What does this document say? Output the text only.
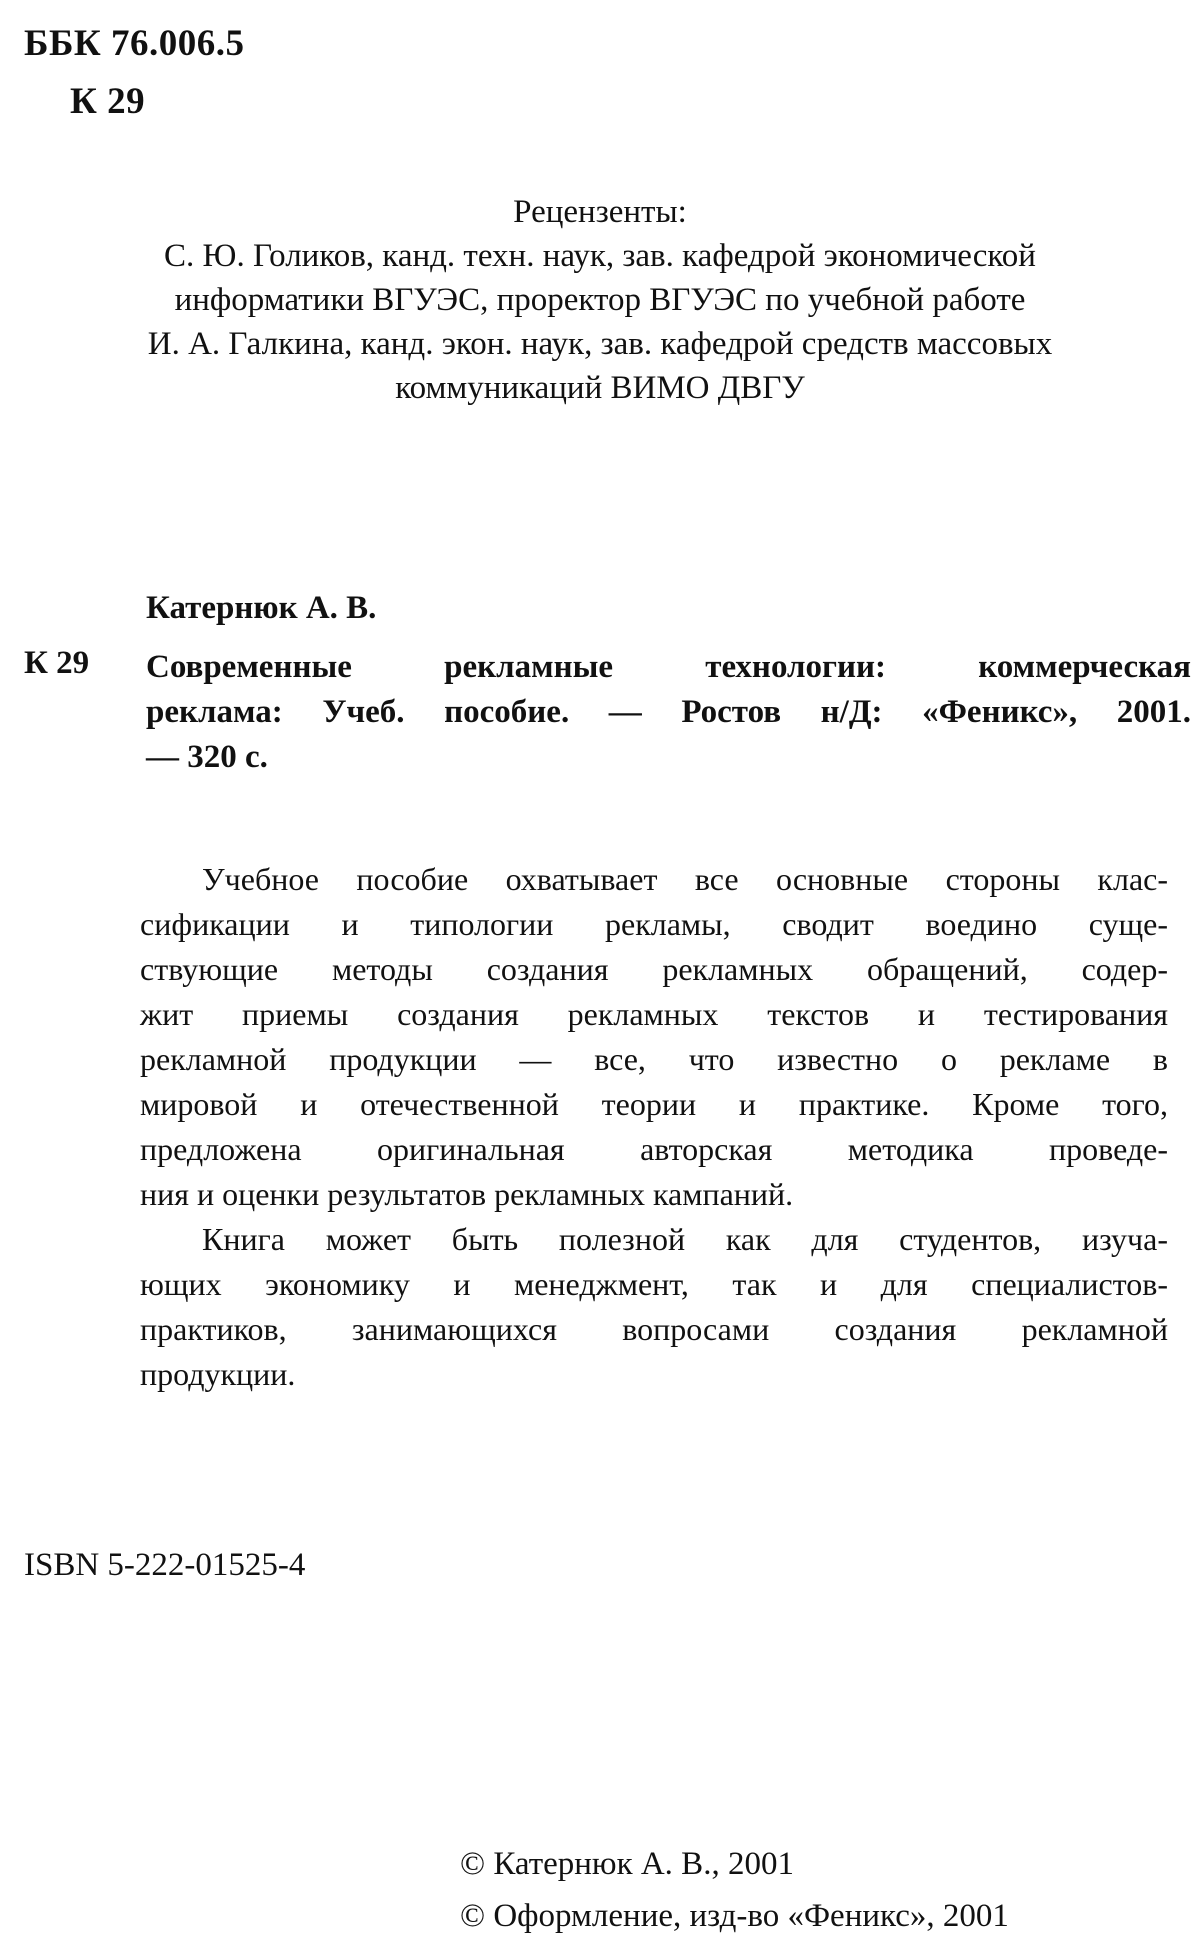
ББК 76.006.5
К 29
Рецензенты:
С. Ю. Голиков, канд. техн. наук, зав. кафедрой экономической
информатики ВГУЭС, проректор ВГУЭС по учебной работе
И. А. Галкина, канд. экон. наук, зав. кафедрой средств массовых
коммуникаций ВИМО ДВГУ
Катернюк А. В.
К 29 Современные рекламные технологии: коммерческая
реклама: Учеб. пособие. — Ростов н/Д: «Феникс», 2001.
— 320 с.
Учебное пособие охватывает все основные стороны клас-
сификации и типологии рекламы, сводит воедино суще-
ствующие методы создания рекламных обращений, содер-
жит приемы создания рекламных текстов и тестирования
рекламной продукции — все, что известно о рекламе в
мировой и отечественной теории и практике. Кроме того,
предложена оригинальная авторская методика проведе-
ния и оценки результатов рекламных кампаний.
Книга может быть полезной как для студентов, изуча-
ющих экономику и менеджмент, так и для специалистов-
практиков, занимающихся вопросами создания рекламной
продукции.
ISBN 5-222-01525-4
© Катернюк А. В., 2001
© Оформление, изд-во «Феникс», 2001
